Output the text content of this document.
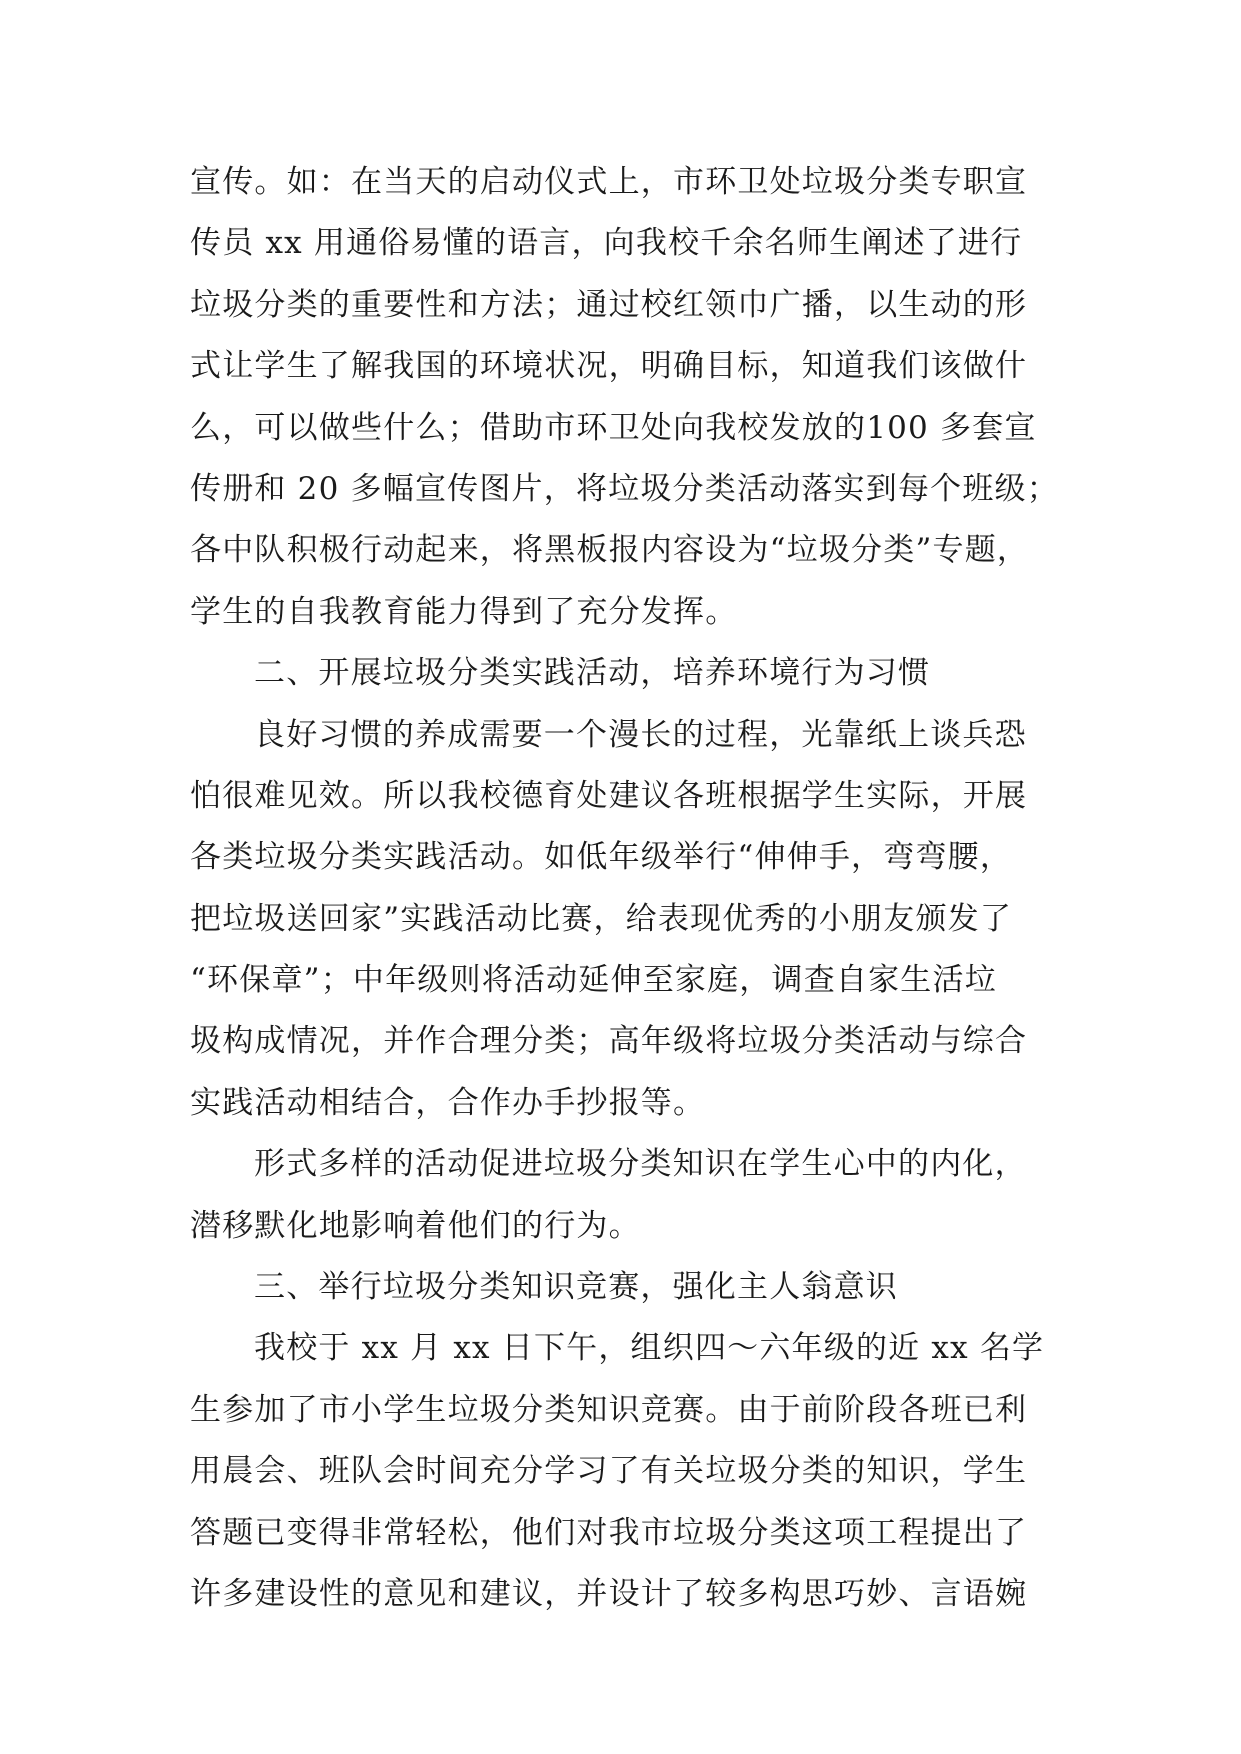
宣传。如：在当天的启动仪式上，市环卫处垃圾分类专职宣
传员 xx 用通俗易懂的语言，向我校千余名师生阐述了进行
垃圾分类的重要性和方法；通过校红领巾广播，以生动的形
式让学生了解我国的环境状况，明确目标，知道我们该做什
么，可以做些什么；借助市环卫处向我校发放的100 多套宣
传册和 20 多幅宣传图片，将垃圾分类活动落实到每个班级；
各中队积极行动起来，将黑板报内容设为“垃圾分类”专题，
学生的自我教育能力得到了充分发挥。
二、开展垃圾分类实践活动，培养环境行为习惯
良好习惯的养成需要一个漫长的过程，光靠纸上谈兵恐
怕很难见效。所以我校德育处建议各班根据学生实际，开展
各类垃圾分类实践活动。如低年级举行“伸伸手，弯弯腰，
把垃圾送回家”实践活动比赛，给表现优秀的小朋友颁发了
“环保章”；中年级则将活动延伸至家庭，调查自家生活垃
圾构成情况，并作合理分类；高年级将垃圾分类活动与综合
实践活动相结合，合作办手抄报等。
形式多样的活动促进垃圾分类知识在学生心中的内化，
潜移默化地影响着他们的行为。
三、举行垃圾分类知识竞赛，强化主人翁意识
我校于 xx 月 xx 日下午，组织四～六年级的近 xx 名学
生参加了市小学生垃圾分类知识竞赛。由于前阶段各班已利
用晨会、班队会时间充分学习了有关垃圾分类的知识，学生
答题已变得非常轻松，他们对我市垃圾分类这项工程提出了
许多建设性的意见和建议，并设计了较多构思巧妙、言语婉
